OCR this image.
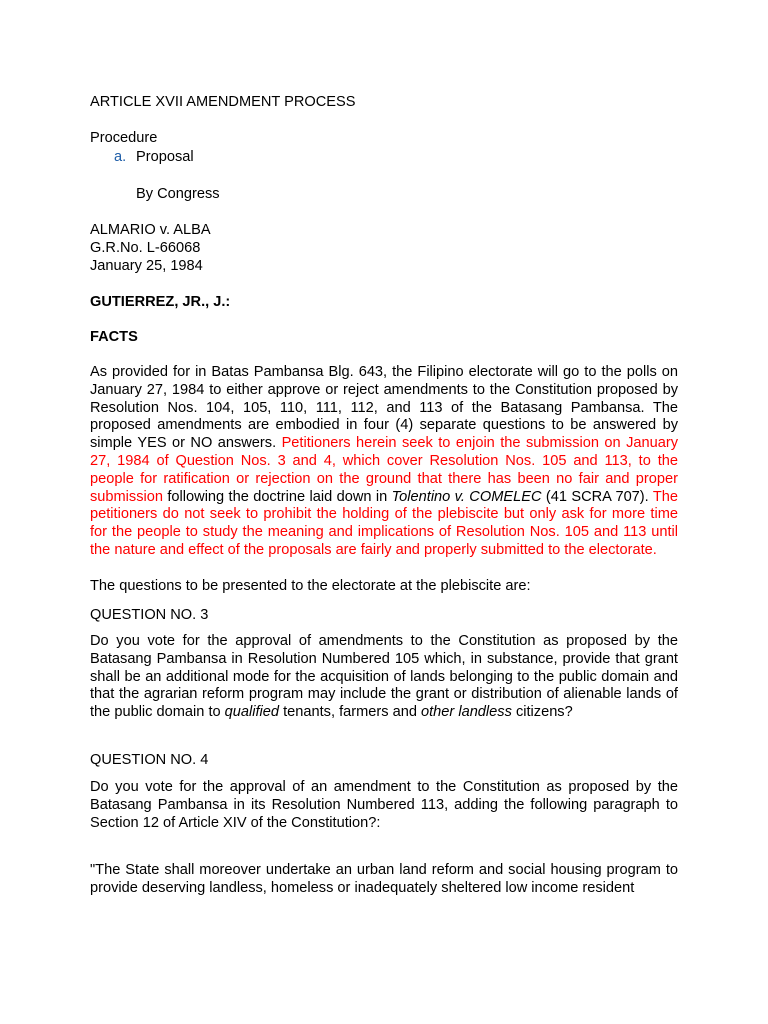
ARTICLE XVII AMENDMENT PROCESS
Procedure
a. Proposal
By Congress
ALMARIO v. ALBA
G.R.No. L-66068
January 25, 1984
GUTIERREZ, JR., J.:
FACTS

As provided for in Batas Pambansa Blg. 643, the Filipino electorate will go to the polls on January 27, 1984 to either approve or reject amendments to the Constitution proposed by Resolution Nos. 104, 105, 110, 111, 112, and 113 of the Batasang Pambansa. The proposed amendments are embodied in four (4) separate questions to be answered by simple YES or NO answers. Petitioners herein seek to enjoin the submission on January 27, 1984 of Question Nos. 3 and 4, which cover Resolution Nos. 105 and 113, to the people for ratification or rejection on the ground that there has been no fair and proper submission following the doctrine laid down in Tolentino v. COMELEC (41 SCRA 707). The petitioners do not seek to prohibit the holding of the plebiscite but only ask for more time for the people to study the meaning and implications of Resolution Nos. 105 and 113 until the nature and effect of the proposals are fairly and properly submitted to the electorate.

The questions to be presented to the electorate at the plebiscite are:
QUESTION NO. 3

Do you vote for the approval of amendments to the Constitution as proposed by the Batasang Pambansa in Resolution Numbered 105 which, in substance, provide that grant shall be an additional mode for the acquisition of lands belonging to the public domain and that the agrarian reform program may include the grant or distribution of alienable lands of the public domain to qualified tenants, farmers and other landless citizens?

QUESTION NO. 4

Do you vote for the approval of an amendment to the Constitution as proposed by the Batasang Pambansa in its Resolution Numbered 113, adding the following paragraph to Section 12 of Article XIV of the Constitution?:

"The State shall moreover undertake an urban land reform and social housing program to provide deserving landless, homeless or inadequately sheltered low income resident
